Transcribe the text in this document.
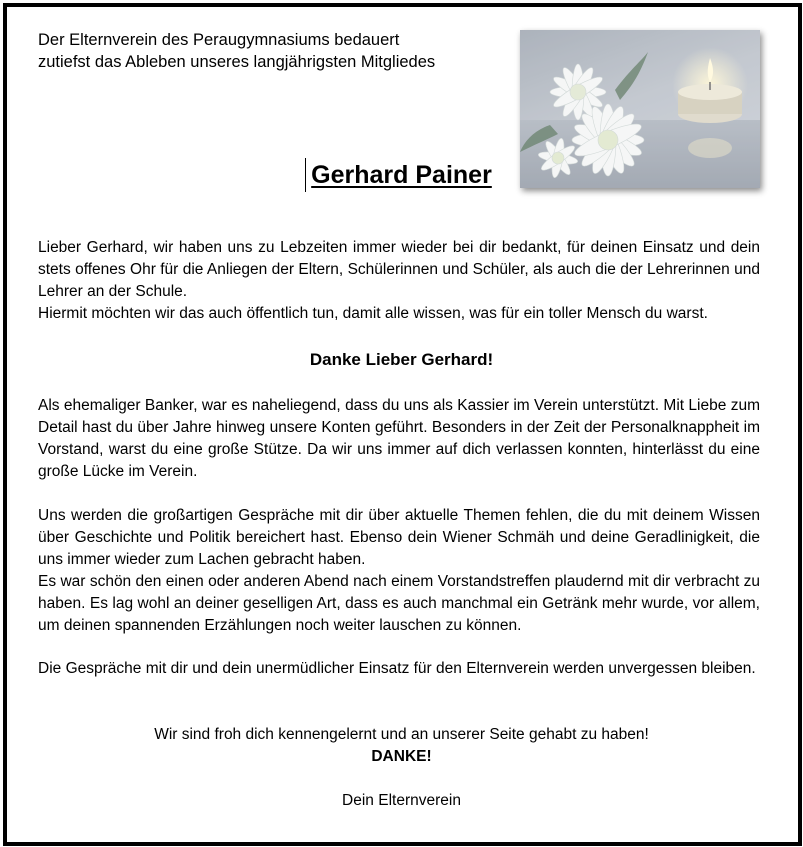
Der Elternverein des Peraugymnasiums bedauert
zutiefst das Ableben unseres langjährigsten Mitgliedes
Gerhard Painer
Lieber Gerhard, wir haben uns zu Lebzeiten immer wieder bei dir bedankt, für deinen Einsatz und dein stets offenes Ohr für die Anliegen der Eltern, Schülerinnen und Schüler, als auch die der Lehrerinnen und Lehrer an der Schule.
Hiermit möchten wir das auch öffentlich tun, damit alle wissen, was für ein toller Mensch du warst.
Danke Lieber Gerhard!
Als ehemaliger Banker, war es naheliegend, dass du uns als Kassier im Verein unterstützt. Mit Liebe zum Detail hast du über Jahre hinweg unsere Konten geführt. Besonders in der Zeit der Personalknappheit im Vorstand, warst du eine große Stütze. Da wir uns immer auf dich verlassen konnten, hinterlässt du eine große Lücke im Verein.
Uns werden die großartigen Gespräche mit dir über aktuelle Themen fehlen, die du mit deinem Wissen über Geschichte und Politik bereichert hast. Ebenso dein Wiener Schmäh und deine Geradlinigkeit, die uns immer wieder zum Lachen gebracht haben.
Es war schön den einen oder anderen Abend nach einem Vorstandstreffen plaudernd mit dir verbracht zu haben. Es lag wohl an deiner geselligen Art, dass es auch manchmal ein Getränk mehr wurde, vor allem, um deinen spannenden Erzählungen noch weiter lauschen zu können.
Die Gespräche mit dir und dein unermüdlicher Einsatz für den Elternverein werden unvergessen bleiben.
Wir sind froh dich kennengelernt und an unserer Seite gehabt zu haben!
DANKE!
Dein Elternverein
